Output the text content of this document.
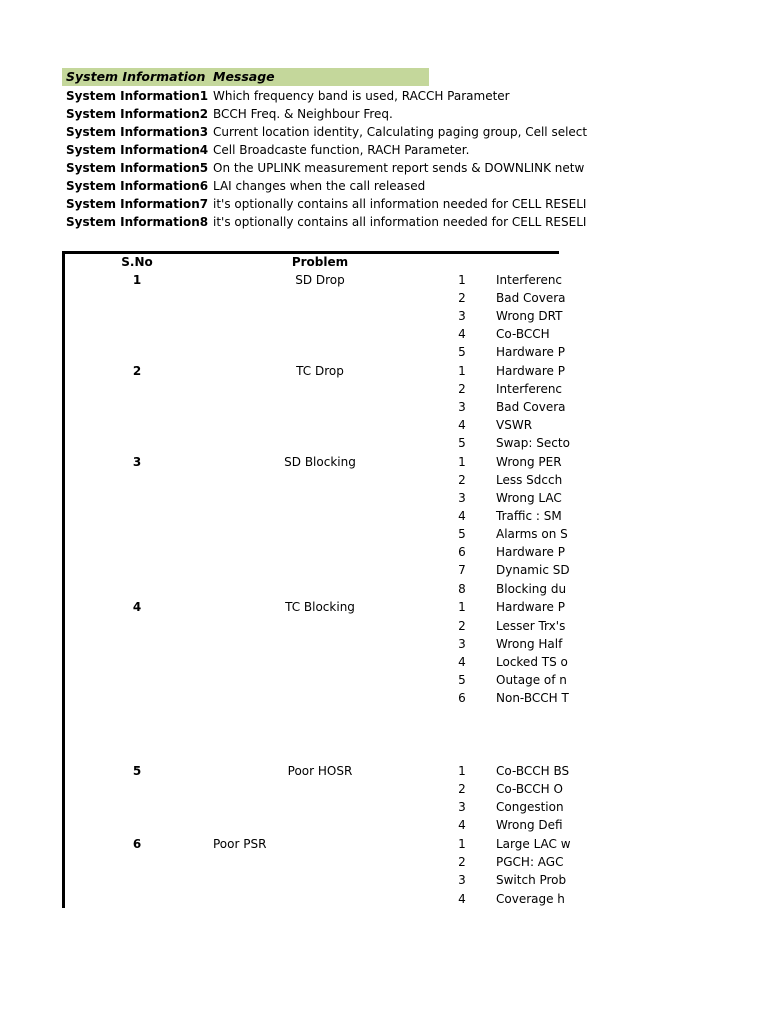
System Information Message
System Information1 Which frequency band is used, RACCH Parameter
System Information2 BCCH Freq. & Neighbour Freq.
System Information3 Current location identity, Calculating paging group, Cell select
System Information4 Cell Broadcaste function, RACH Parameter.
System Information5 On the UPLINK measurement report sends & DOWNLINK netw
System Information6 LAI changes when the call released
System Information7 it's optionally contains all information needed for CELL RESELI
System Information8 it's optionally contains all information needed for CELL RESELI
S.No	Problem
1	SD Drop	1	Interferenc
2	Bad Covera
3	Wrong DRT
4	Co-BCCH
5	Hardware P
2	TC Drop	1	Hardware P
2	Interferenc
3	Bad Covera
4	VSWR
5	Swap: Secto
3	SD Blocking	1	Wrong PER
2	Less Sdcch
3	Wrong LAC
4	Traffic : SM
5	Alarms on S
6	Hardware P
7	Dynamic SD
8	Blocking du
4	TC Blocking	1	Hardware P
2	Lesser Trx's
3	Wrong Half
4	Locked TS o
5	Outage of n
6	Non-BCCH T
5	Poor HOSR	1	Co-BCCH BS
2	Co-BCCH O
3	Congestion
4	Wrong Defi
6	Poor PSR	1	Large LAC w
2	PGCH: AGC
3	Switch Prob
4	Coverage h
